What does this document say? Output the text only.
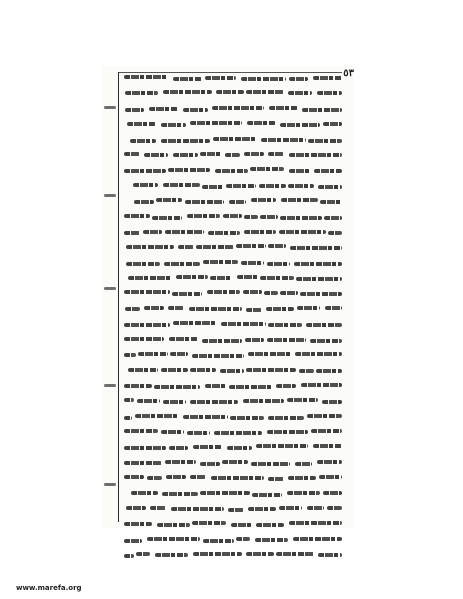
٥٣
www.marefa.org
